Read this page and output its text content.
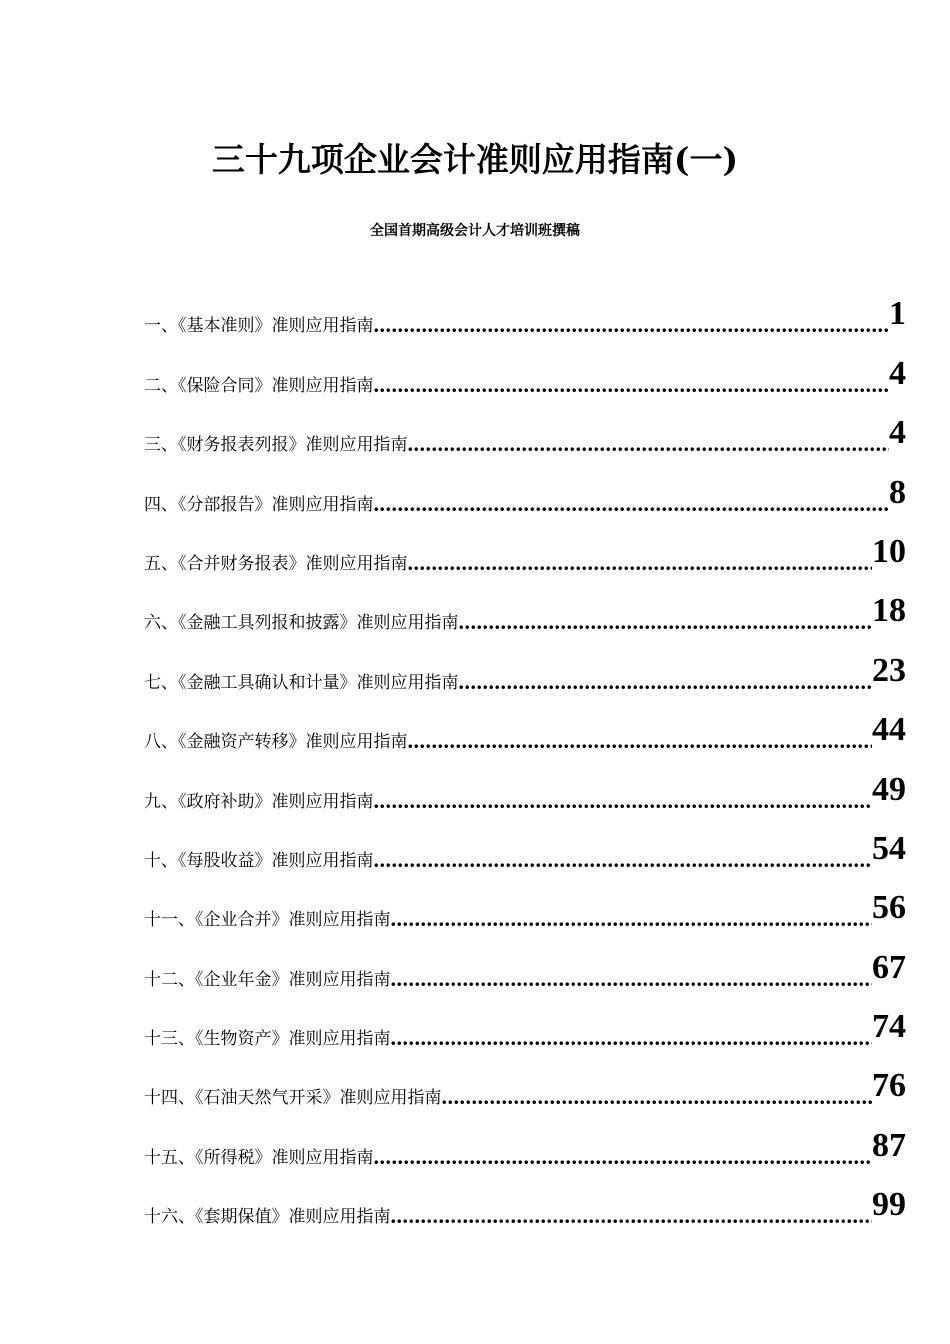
三十九项企业会计准则应用指南(一)
全国首期高级会计人才培训班撰稿
一、《基本准则》准则应用指南 .....	1
二、《保险合同》准则应用指南 .....	4
三、《财务报表列报》准则应用指南 .....	4
四、《分部报告》准则应用指南 .....	8
五、《合并财务报表》准则应用指南 .....	10
六、《金融工具列报和披露》准则应用指南 .....	18
七、《金融工具确认和计量》准则应用指南 .....	23
八、《金融资产转移》准则应用指南 .....	44
九、《政府补助》准则应用指南 .....	49
十、《每股收益》准则应用指南 .....	54
十一、《企业合并》准则应用指南 .....	56
十二、《企业年金》准则应用指南 .....	67
十三、《生物资产》准则应用指南 .....	74
十四、《石油天然气开采》准则应用指南 .....	76
十五、《所得税》准则应用指南 .....	87
十六、《套期保值》准则应用指南 .....	99
